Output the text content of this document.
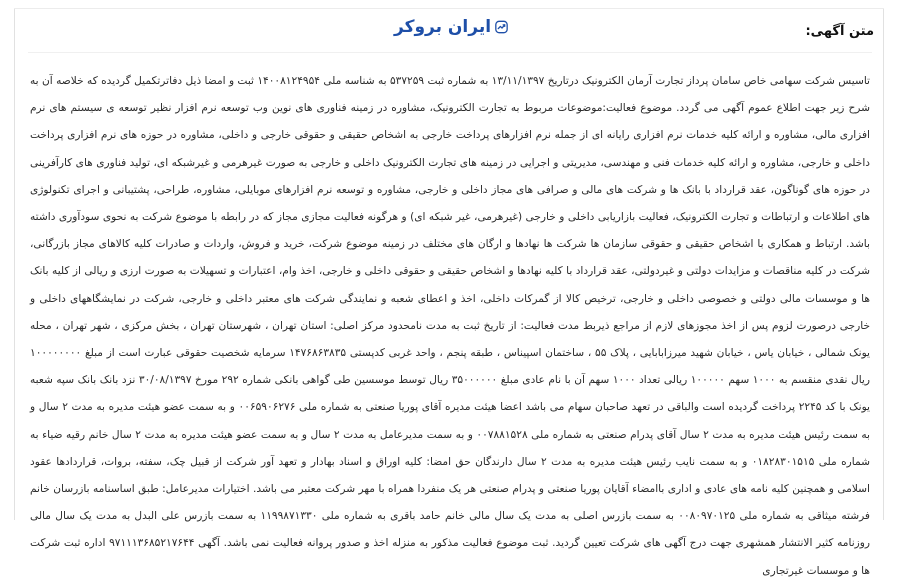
ایران بروکر	متن آگهی:

تاسیس شرکت سهامی خاص سامان پرداز تجارت آرمان الکترونیک درتاریخ ۱۳/۱۱/۱۳۹۷ به شماره ثبت ۵۳۷۲۵۹ به شناسه ملی ۱۴۰۰۸۱۲۴۹۵۴ ثبت و امضا ذیل دفاترتکمیل گردیده که خلاصه آن به شرح زیر جهت اطلاع عموم آگهی می گردد. موضوع فعالیت:موضوعات مربوط به تجارت الکترونیک، مشاوره در زمینه فناوری های نوین وب توسعه نرم افزار نظیر توسعه ی سیستم های نرم افزاری مالی، مشاوره و ارائه کلیه خدمات نرم افزاری رایانه ای از جمله نرم افزارهای پرداخت خارجی به اشخاص حقیقی و حقوقی خارجی و داخلی، مشاوره در حوزه های نرم افزاری پرداخت داخلی و خارجی، مشاوره و ارائه کلیه خدمات فنی و مهندسی، مدیریتی و اجرایی در زمینه های تجارت الکترونیک داخلی و خارجی به صورت غیرهرمی و غیرشبکه ای، تولید فناوری های کارآفرینی در حوزه های گوناگون، عقد قرارداد با بانک ها و شرکت های مالی و صرافی های مجاز داخلی و خارجی، مشاوره و توسعه نرم افزارهای موبایلی، مشاوره، طراحی، پشتیبانی و اجرای تکنولوژی های اطلاعات و ارتباطات و تجارت الکترونیک، فعالیت بازاریابی داخلی و خارجی (غیرهرمی، غیر شبکه ای) و هرگونه فعالیت مجازی مجاز که در رابطه با موضوع شرکت به نحوی سودآوری داشته باشد. ارتباط و همکاری با اشخاص حقیقی و حقوقی سازمان ها شرکت ها نهادها و ارگان های مختلف در زمینه موضوع شرکت، خرید و فروش، واردات و صادرات کلیه کالاهای مجاز بازرگانی، شرکت در کلیه مناقصات و مزایدات دولتی و غیردولتی، عقد قرارداد با کلیه نهادها و اشخاص حقیقی و حقوقی داخلی و خارجی، اخذ وام، اعتبارات و تسهیلات به صورت ارزی و ریالی از کلیه بانک ها و موسسات مالی دولتی و خصوصی داخلی و خارجی، ترخیص کالا از گمرکات داخلی، اخذ و اعطای شعبه و نمایندگی شرکت های معتبر داخلی و خارجی، شرکت در نمایشگاههای داخلی و خارجی درصورت لزوم پس از اخذ مجوزهای لازم از مراجع ذیربط مدت فعالیت: از تاریخ ثبت به مدت نامحدود مرکز اصلی: استان تهران ، شهرستان تهران ، بخش مرکزی ، شهر تهران ، محله یونک شمالی ، خیابان یاس ، خیابان شهید میرزابابایی ، پلاک ۵۵ ، ساختمان اسپیناس ، طبقه پنجم ، واحد غربی کدپستی ۱۴۷۶۸۶۳۸۳۵ سرمایه شخصیت حقوقی عبارت است از مبلغ ۱۰۰۰۰۰۰۰۰ ریال نقدی منقسم به ۱۰۰۰ سهم ۱۰۰۰۰۰ ریالی تعداد ۱۰۰۰ سهم آن با نام عادی مبلغ ۳۵۰۰۰۰۰۰ ریال توسط موسسین طی گواهی بانکی شماره ۲۹۲ مورخ ۳۰/۰۸/۱۳۹۷ نزد بانک بانک سپه شعبه یونک با کد ۲۲۴۵ پرداخت گردیده است والباقی در تعهد صاحبان سهام می باشد اعضا هیئت مدیره آقای پوریا صنعتی به شماره ملی ۰۰۶۵۹۰۶۲۷۶ و به سمت عضو هیئت مدیره به مدت ۲ سال و به سمت رئیس هیئت مدیره به مدت ۲ سال آقای پدرام صنعتی به شماره ملی ۰۰۷۸۸۱۵۲۸ و به سمت مدیرعامل به مدت ۲ سال و به سمت عضو هیئت مدیره به مدت ۲ سال خانم رقیه ضیاء به شماره ملی ۰۱۸۲۸۳۰۱۵۱۵ و به سمت نایب رئیس هیئت مدیره به مدت ۲ سال دارندگان حق امضا: کلیه اوراق و اسناد بهادار و تعهد آور شرکت از قبیل چک، سفته، بروات، قراردادها عقود اسلامی و همچنین کلیه نامه های عادی و اداری باامضاء آقایان پوریا صنعتی و پدرام صنعتی هر یک منفردا همراه با مهر شرکت معتبر می باشد. اختیارات مدیرعامل: طبق اساسنامه بازرسان خانم فرشته میثاقی به شماره ملی ۰۰۸۰۹۷۰۱۲۵ به سمت بازرس اصلی به مدت یک سال مالی خانم حامد باقری به شماره ملی ۱۱۹۹۸۷۱۳۳۰ به سمت بازرس علی البدل به مدت یک سال مالی روزنامه کثیر الانتشار همشهری جهت درج آگهی های شرکت تعیین گردید. ثبت موضوع فعالیت مذکور به منزله اخذ و صدور پروانه فعالیت نمی باشد. آگهی ۹۷۱۱۱۳۶۸۵۲۱۷۶۴۴ اداره ثبت شرکت ها و موسسات غیرتجاری
